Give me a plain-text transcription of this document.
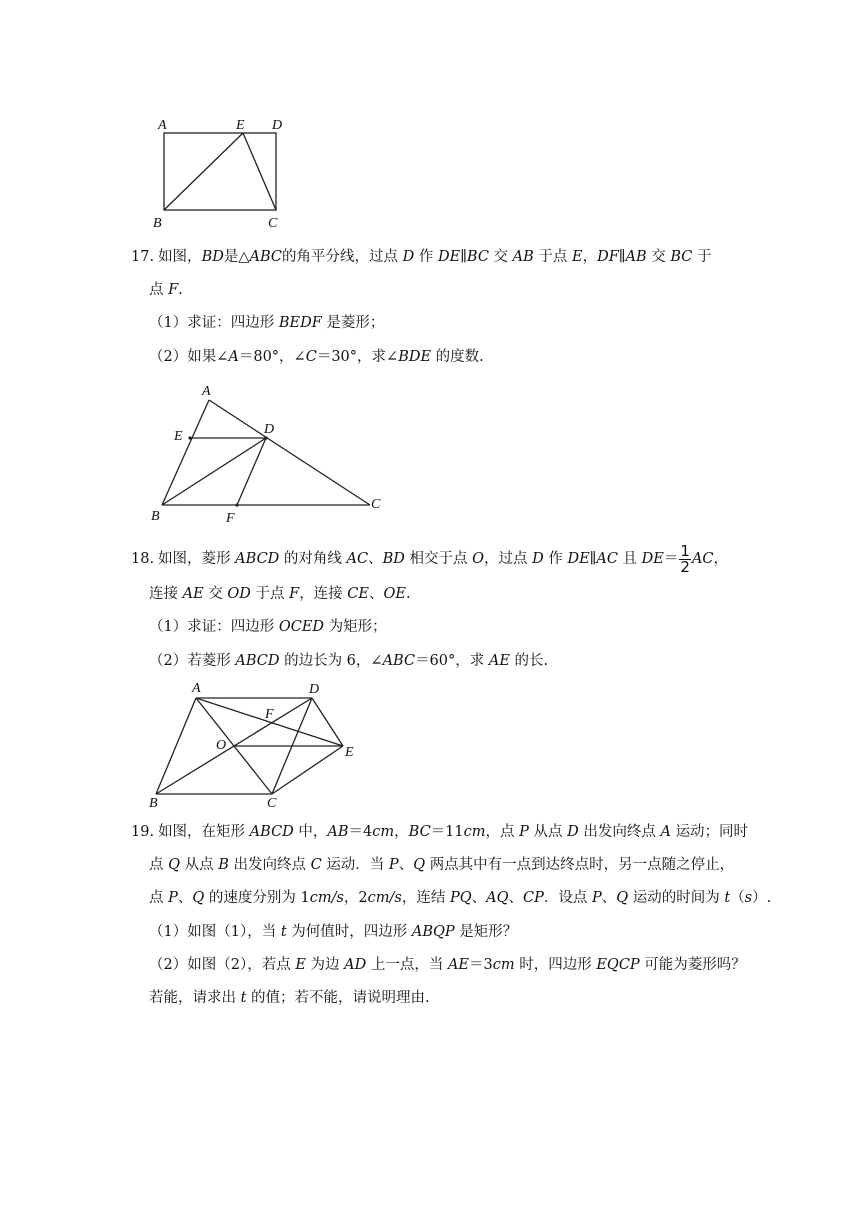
A	E D
B	C
17. 如图，BD是△ABC的角平分线，过点 D 作 DE∥BC 交 AB 于点 E，DF∥AB 交 BC 于
点 F.
（1）求证：四边形 BEDF 是菱形；
（2）如果∠A＝80°，∠C＝30°，求∠BDE 的度数.
A
E	D
B	F
C
18. 如图，菱形 ABCD 的对角线 AC、BD 相交于点 O，过点 D 作 DE∥AC 且 $DE= \frac{1}{2}$ AC，
连接 AE 交 OD 于点 F，连接 CE、OE.
（1）求证：四边形 OCED 为矩形；
（2）若菱形 ABCD 的边长为 6，∠ABC＝60°，求 AE 的长.
A	D
F
O	E
B	C
19. 如图，在矩形 ABCD 中，AB＝4cm，BC＝11cm，点 P 从点 D 出发向终点 A 运动；同时
点 Q 从点 B 出发向终点 C 运动．当 P、Q 两点其中有一点到达终点时，另一点随之停止，
点 P、Q 的速度分别为 1cm/s，2cm/s，连结 PQ、AQ、CP．设点 P、Q 运动的时间为 t（s）.
（1）如图（1），当 t 为何值时，四边形 ABQP 是矩形？
（2）如图（2），若点 E 为边 AD 上一点，当 AE＝3cm 时，四边形 EQCP 可能为菱形吗？
若能，请求出 t 的值；若不能，请说明理由.
